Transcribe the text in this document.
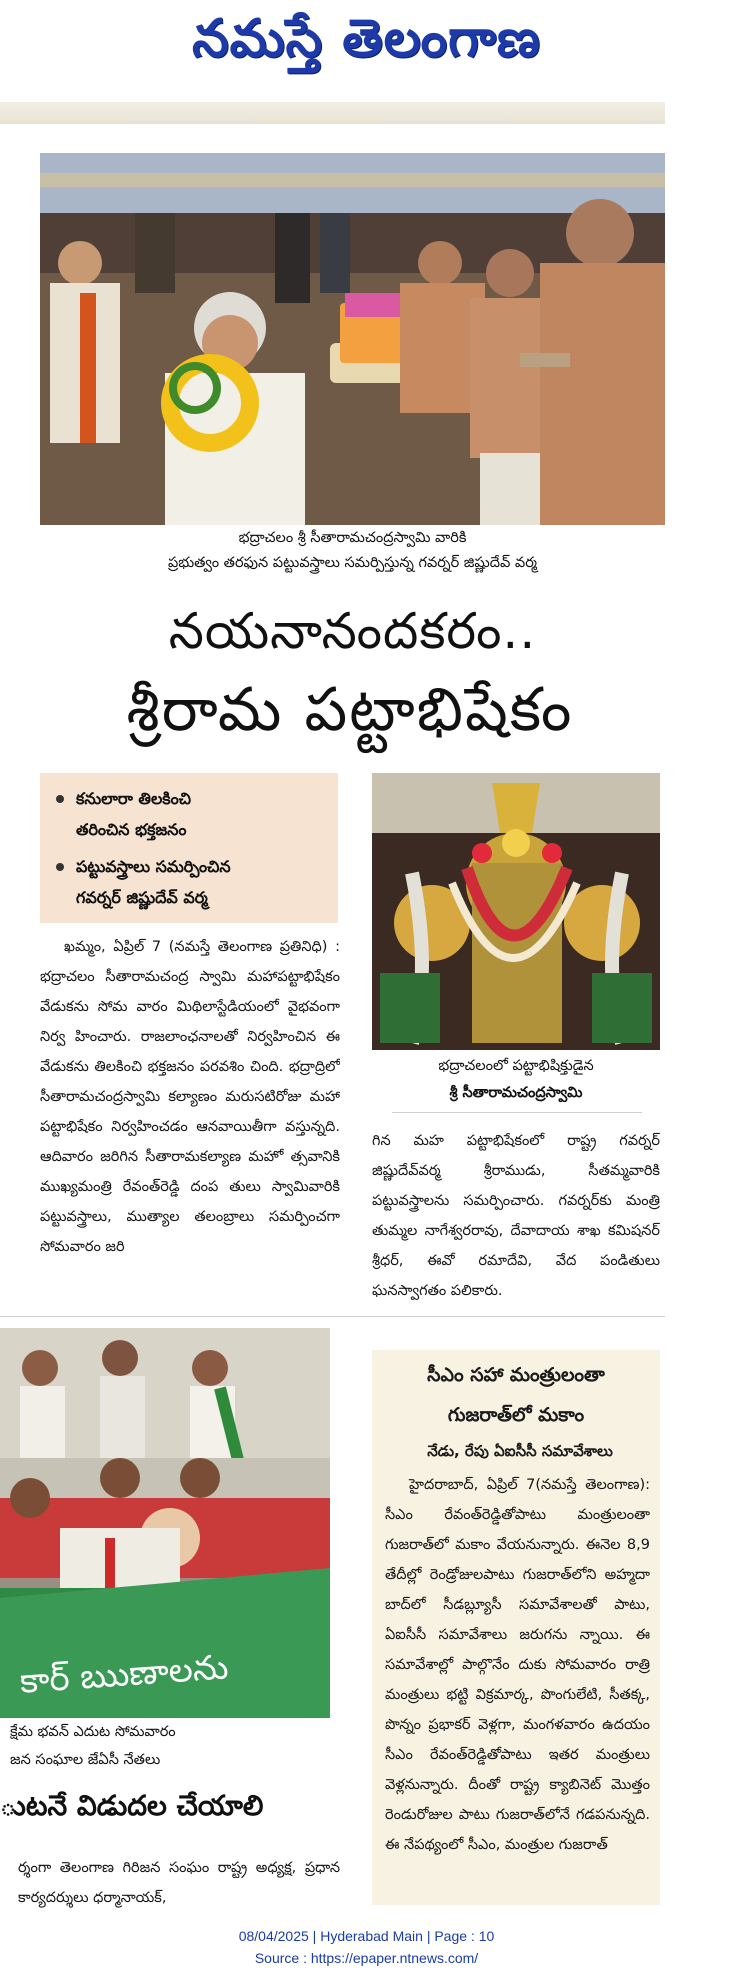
నమస్తే తెలంగాణ
భద్రాచలం శ్రీ సీతారామచంద్రస్వామి వారికి
ప్రభుత్వం తరఫున పట్టువస్త్రాలు సమర్పిస్తున్న గవర్నర్ జిష్ణుదేవ్ వర్మ
నయనానందకరం..
శ్రీరామ పట్టాభిషేకం
కనులారా తిలకించి
తరించిన భక్తజనం
పట్టువస్త్రాలు సమర్పించిన
గవర్నర్ జిష్ణుదేవ్ వర్మ
భద్రాచలంలో పట్టాభిషిక్తుడైన
శ్రీ సీతారామచంద్రస్వామి

ఖమ్మం, ఏప్రిల్ 7 (నమస్తే తెలంగాణ ప్రతినిధి) : భద్రాచలం సీతారామచంద్ర స్వామి మహాపట్టాభిషేకం వేడుకను సోమ వారం మిథిలాస్టేడియంలో వైభవంగా నిర్వ హించారు. రాజలాంఛనాలతో నిర్వహించిన ఈ వేడుకను తిలకించి భక్తజనం పరవశిం చింది. భద్రాద్రిలో సీతారామచంద్రస్వామి కల్యాణం మరుసటిరోజు మహా పట్టాభిషేకం నిర్వహించడం ఆనవాయితీగా వస్తున్నది. ఆదివారం జరిగిన సీతారామకల్యాణ మహో త్సవానికి ముఖ్యమంత్రి రేవంత్‌రెడ్డి దంప తులు స్వామివారికి పట్టువస్త్రాలు, ముత్యాల తలంబ్రాలు సమర్పించగా సోమవారం జరి

గిన మహ పట్టాభిషేకంలో రాష్ట్ర గవర్నర్ జిష్ణుదేవ్‌వర్మ శ్రీరాముడు, సీతమ్మవారికి పట్టువస్త్రాలను సమర్పించారు. గవర్నర్‌కు మంత్రి తుమ్మల నాగేశ్వరరావు, దేవాదాయ శాఖ కమిషనర్ శ్రీధర్, ఈవో రమాదేవి, వేద పండితులు ఘనస్వాగతం పలికారు.

కార్ ఋణాలను
క్షేమ భవన్ ఎదుట సోమవారం
జన సంఘాల జేఏసీ నేతలు
ుటనే విడుదల చేయాలి
ర్శంగా తెలంగాణ గిరిజన సంఘం రాష్ట్ర అధ్యక్ష, ప్రధాన కార్యదర్శులు ధర్మానాయక్,
సీఎం సహా మంత్రులంతా
గుజరాత్‌లో మకాం
నేడు, రేపు ఏఐసీసీ సమావేశాలు

హైదరాబాద్, ఏప్రిల్ 7(నమస్తే తెలంగాణ): సీఎం రేవంత్‌రెడ్డితోపాటు మంత్రులంతా గుజరాత్‌లో మకాం వేయనున్నారు. ఈనెల 8,9 తేదీల్లో రెండ్రోజులపాటు గుజరాత్‌లోని అహ్మదా బాద్‌లో సీడబ్ల్యూసీ సమావేశాలతో పాటు, ఏఐసీసీ సమావేశాలు జరుగను న్నాయి. ఈ సమావేశాల్లో పాల్గొనేం దుకు సోమవారం రాత్రి మంత్రులు భట్టి విక్రమార్క, పొంగులేటి, సీతక్క, పొన్నం ప్రభాకర్ వెళ్లగా, మంగళవారం ఉదయం సీఎం రేవంత్‌రెడ్డితోపాటు ఇతర మంత్రులు వెళ్లనున్నారు. దీంతో రాష్ట్ర క్యాబినెట్ మొత్తం రెండురోజుల పాటు గుజరాత్‌లోనే గడపనున్నది. ఈ నేపథ్యంలో సీఎం, మంత్రుల గుజరాత్

08/04/2025 | Hyderabad Main | Page : 10
Source : https://epaper.ntnews.com/
